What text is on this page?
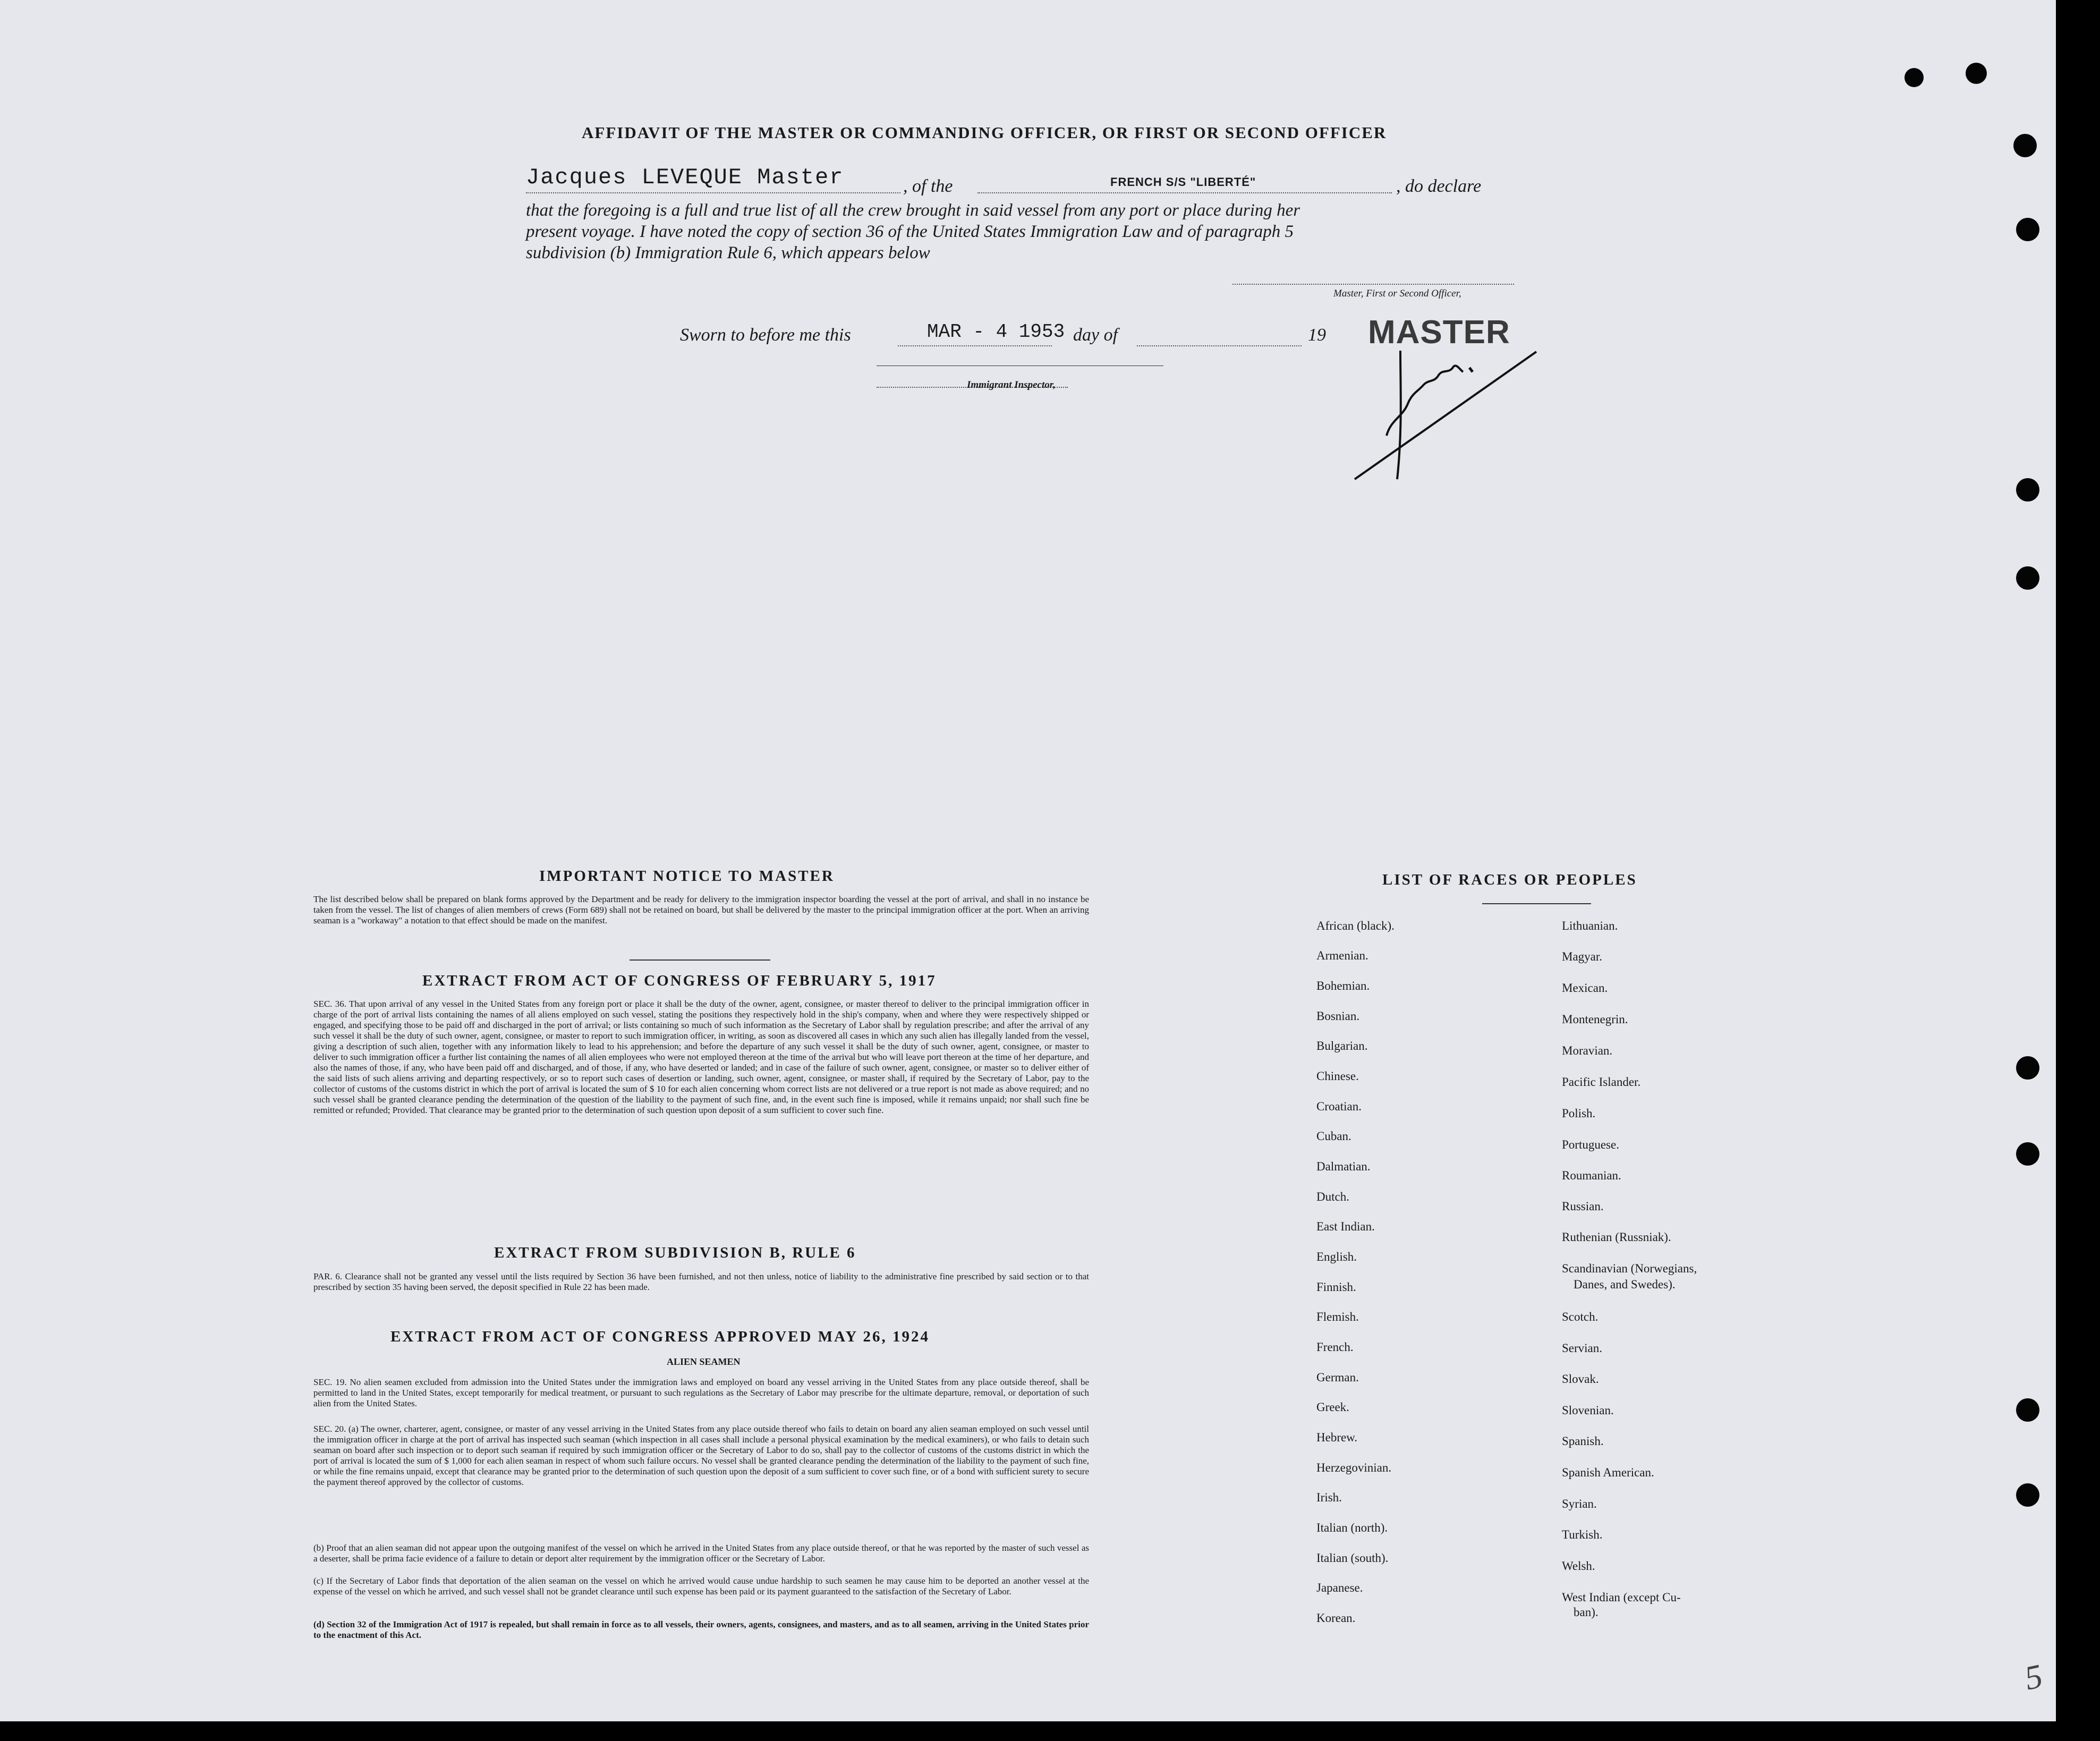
AFFIDAVIT OF THE MASTER OR COMMANDING OFFICER, OR FIRST OR SECOND OFFICER
Jacques LEVEQUE Master	, of the	FRENCH S/S "LIBERTÉ"	, do declare
that the foregoing is a full and true list of all the crew brought in said vessel from any port or place during her
present voyage. I have noted the copy of section 36 of the United States Immigration Law and of paragraph 5
subdivision (b) Immigration Rule 6, which appears below
Master, First or Second Officer,
Sworn to before me this	MAR - 4 1953 day of	19 MASTER
Immigrant Inspector,
IMPORTANT NOTICE TO MASTER
The list described below shall be prepared on blank forms approved by the Department and be ready for delivery to the immigration inspector boarding the vessel at the port of arrival, and shall in no instance be taken from the vessel. The list of changes of alien members of crews (Form 689) shall not be retained on board, but shall be delivered by the master to the principal immigration officer at the port. When an arriving seaman is a "workaway" a notation to that effect should be made on the manifest.
EXTRACT FROM ACT OF CONGRESS OF FEBRUARY 5, 1917
SEC. 36. That upon arrival of any vessel in the United States from any foreign port or place it shall be the duty of the owner, agent, consignee, or master thereof to deliver to the principal immigration officer in charge of the port of arrival lists containing the names of all aliens employed on such vessel, stating the positions they respectively hold in the ship's company, when and where they were respectively shipped or engaged, and specifying those to be paid off and discharged in the port of arrival; or lists containing so much of such information as the Secretary of Labor shall by regulation prescribe; and after the arrival of any such vessel it shall be the duty of such owner, agent, consignee, or master to report to such immigration officer, in writing, as soon as discovered all cases in which any such alien has illegally landed from the vessel, giving a description of such alien, together with any information likely to lead to his apprehension; and before the departure of any such vessel it shall be the duty of such owner, agent, consignee, or master to deliver to such immigration officer a further list containing the names of all alien employees who were not employed thereon at the time of the arrival but who will leave port thereon at the time of her departure, and also the names of those, if any, who have been paid off and discharged, and of those, if any, who have deserted or landed; and in case of the failure of such owner, agent, consignee, or master so to deliver either of the said lists of such aliens arriving and departing respectively, or so to report such cases of desertion or landing, such owner, agent, consignee, or master shall, if required by the Secretary of Labor, pay to the collector of customs of the customs district in which the port of arrival is located the sum of $ 10 for each alien concerning whom correct lists are not delivered or a true report is not made as above required; and no such vessel shall be granted clearance pending the determination of the question of the liability to the payment of such fine, and, in the event such fine is imposed, while it remains unpaid; nor shall such fine be remitted or refunded; Provided. That clearance may be granted prior to the determination of such question upon deposit of a sum sufficient to cover such fine.
EXTRACT FROM SUBDIVISION B, RULE 6
PAR. 6. Clearance shall not be granted any vessel until the lists required by Section 36 have been furnished, and not then unless, notice of liability to the administrative fine prescribed by said section or to that prescribed by section 35 having been served, the deposit specified in Rule 22 has been made.
EXTRACT FROM ACT OF CONGRESS APPROVED MAY 26, 1924
ALIEN SEAMEN
SEC. 19. No alien seamen excluded from admission into the United States under the immigration laws and employed on board any vessel arriving in the United States from any place outside thereof, shall be permitted to land in the United States, except temporarily for medical treatment, or pursuant to such regulations as the Secretary of Labor may prescribe for the ultimate departure, removal, or deportation of such alien from the United States.
SEC. 20. (a) The owner, charterer, agent, consignee, or master of any vessel arriving in the United States from any place outside thereof who fails to detain on board any alien seaman employed on such vessel until the immigration officer in charge at the port of arrival has inspected such seaman (which inspection in all cases shall include a personal physical examination by the medical examiners), or who fails to detain such seaman on board after such inspection or to deport such seaman if required by such immigration officer or the Secretary of Labor to do so, shall pay to the collector of customs of the customs district in which the port of arrival is located the sum of $ 1,000 for each alien seaman in respect of whom such failure occurs. No vessel shall be granted clearance pending the determination of the liability to the payment of such fine, or while the fine remains unpaid, except that clearance may be granted prior to the determination of such question upon the deposit of a sum sufficient to cover such fine, or of a bond with sufficient surety to secure the payment thereof approved by the collector of customs.
(b) Proof that an alien seaman did not appear upon the outgoing manifest of the vessel on which he arrived in the United States from any place outside thereof, or that he was reported by the master of such vessel as a deserter, shall be prima facie evidence of a failure to detain or deport alter requirement by the immigration officer or the Secretary of Labor.
(c) If the Secretary of Labor finds that deportation of the alien seaman on the vessel on which he arrived would cause undue hardship to such seamen he may cause him to be deported an another vessel at the expense of the vessel on which he arrived, and such vessel shall not be grandet clearance until such expense has been paid or its payment guaranteed to the satisfaction of the Secretary of Labor.
(d) Section 32 of the Immigration Act of 1917 is repealed, but shall remain in force as to all vessels, their owners, agents, consignees, and masters, and as to all seamen, arriving in the United States prior to the enactment of this Act.
LIST OF RACES OR PEOPLES
African (black).
Armenian.
Bohemian.
Bosnian.
Bulgarian.
Chinese.
Croatian.
Cuban.
Dalmatian.
Dutch.
East Indian.
English.
Finnish.
Flemish.
French.
German.
Greek.
Hebrew.
Herzegovinian.
Irish.
Italian (north).
Italian (south).
Japanese.
Korean.
Lithuanian.
Magyar.
Mexican.
Montenegrin.
Moravian.
Pacific Islander.
Polish.
Portuguese.
Roumanian.
Russian.
Ruthenian (Russniak).
Scandinavian (Norwegians,
Danes, and Swedes).
Scotch.
Servian.
Slovak.
Slovenian.
Spanish.
Spanish American.
Syrian.
Turkish.
Welsh.
West Indian (except Cu-
ban).
5
